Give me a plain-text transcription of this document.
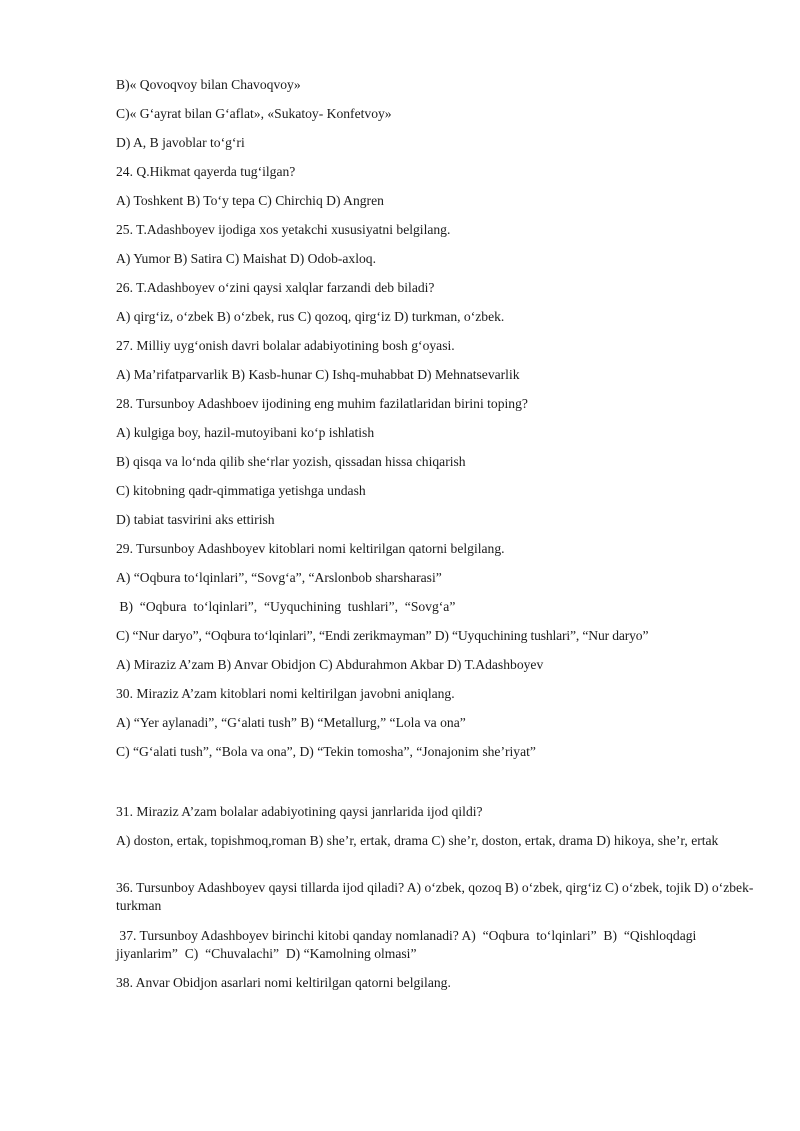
B)« Qovoqvoy bilan Chavoqvoy»
C)« G‘ayrat bilan G‘aflat», «Sukatoy- Konfetvoy»
D) A, B javoblar to‘g‘ri
24. Q.Hikmat qayerda tug‘ilgan?
A) Toshkent B) To‘y tepa C) Chirchiq D) Angren
25. T.Adashboyev ijodiga xos yetakchi xususiyatni belgilang.
A) Yumor B) Satira C) Maishat D) Odob-axloq.
26. T.Adashboyev o‘zini qaysi xalqlar farzandi deb biladi?
A) qirg‘iz, o‘zbek B) o‘zbek, rus C) qozoq, qirg‘iz D) turkman, o‘zbek.
27. Milliy uyg‘onish davri bolalar adabiyotining bosh g‘oyasi.
A) Ma’rifatparvarlik B) Kasb-hunar C) Ishq-muhabbat D) Mehnatsevarlik
28. Tursunboy Adashboev ijodining eng muhim fazilatlaridan birini toping?
A) kulgiga boy, hazil-mutoyibani ko‘p ishlatish
B) qisqa va lo‘nda qilib she‘rlar yozish, qissadan hissa chiqarish
C) kitobning qadr-qimmatiga yetishga undash
D) tabiat tasvirini aks ettirish
29. Tursunboy Adashboyev kitoblari nomi keltirilgan qatorni belgilang.
A) “Oqbura to‘lqinlari”, “Sovg‘a”, “Arslonbob sharsharasi”
B)  “Oqbura  to‘lqinlari”,  “Uyquchining  tushlari”,  “Sovg‘a”
C) “Nur daryo”, “Oqbura to‘lqinlari”, “Endi zerikmayman” D) “Uyquchining tushlari”, “Nur daryo”
A) Miraziz A’zam B) Anvar Obidjon C) Abdurahmon Akbar D) T.Adashboyev
30. Miraziz A’zam kitoblari nomi keltirilgan javobni aniqlang.
A) “Yer aylanadi”, “G‘alati tush” B) “Metallurg,” “Lola va ona”
C) “G‘alati tush”, “Bola va ona”, D) “Tekin tomosha”, “Jonajonim she’riyat”
31. Miraziz A’zam bolalar adabiyotining qaysi janrlarida ijod qildi?
A) doston, ertak, topishmoq,roman B) she’r, ertak, drama C) she’r, doston, ertak, drama D) hikoya, she’r, ertak
36. Tursunboy Adashboyev qaysi tillarda ijod qiladi? A) o‘zbek, qozoq B) o‘zbek, qirg‘iz C) o‘zbek, tojik D) o‘zbek-turkman
37. Tursunboy Adashboyev birinchi kitobi qanday nomlanadi? A)  “Oqbura  to‘lqinlari”  B)  “Qishloqdagi  jiyanlarim”  C)  “Chuvalachi”  D) “Kamolning olmasi”
38. Anvar Obidjon asarlari nomi keltirilgan qatorni belgilang.
